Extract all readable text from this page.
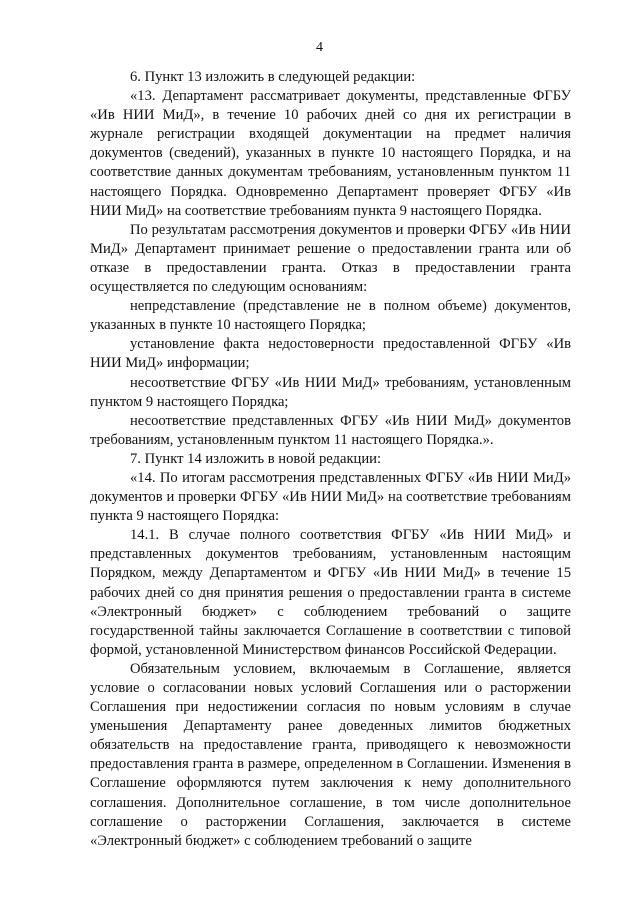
4

6. Пункт 13 изложить в следующей редакции:

«13. Департамент рассматривает документы, представленные ФГБУ «Ив НИИ МиД», в течение 10 рабочих дней со дня их регистрации в журнале регистрации входящей документации на предмет наличия документов (сведений), указанных в пункте 10 настоящего Порядка, и на соответствие данных документам требованиям, установленным пунктом 11 настоящего Порядка. Одновременно Департамент проверяет ФГБУ «Ив НИИ МиД» на соответствие требованиям пункта 9 настоящего Порядка.

По результатам рассмотрения документов и проверки ФГБУ «Ив НИИ МиД» Департамент принимает решение о предоставлении гранта или об отказе в предоставлении гранта. Отказ в предоставлении гранта осуществляется по следующим основаниям:

непредставление (представление не в полном объеме) документов, указанных в пункте 10 настоящего Порядка;

установление факта недостоверности предоставленной ФГБУ «Ив НИИ МиД» информации;

несоответствие ФГБУ «Ив НИИ МиД» требованиям, установленным пунктом 9 настоящего Порядка;

несоответствие представленных ФГБУ «Ив НИИ МиД» документов требованиям, установленным пунктом 11 настоящего Порядка.».

7. Пункт 14 изложить в новой редакции:

«14. По итогам рассмотрения представленных ФГБУ «Ив НИИ МиД» документов и проверки ФГБУ «Ив НИИ МиД» на соответствие требованиям пункта 9 настоящего Порядка:

14.1. В случае полного соответствия ФГБУ «Ив НИИ МиД» и представленных документов требованиям, установленным настоящим Порядком, между Департаментом и ФГБУ «Ив НИИ МиД» в течение 15 рабочих дней со дня принятия решения о предоставлении гранта в системе «Электронный бюджет» с соблюдением требований о защите государственной тайны заключается Соглашение в соответствии с типовой формой, установленной Министерством финансов Российской Федерации.

Обязательным условием, включаемым в Соглашение, является условие о согласовании новых условий Соглашения или о расторжении Соглашения при недостижении согласия по новым условиям в случае уменьшения Департаменту ранее доведенных лимитов бюджетных обязательств на предоставление гранта, приводящего к невозможности предоставления гранта в размере, определенном в Соглашении. Изменения в Соглашение оформляются путем заключения к нему дополнительного соглашения. Дополнительное соглашение, в том числе дополнительное соглашение о расторжении Соглашения, заключается в системе «Электронный бюджет» с соблюдением требований о защите
